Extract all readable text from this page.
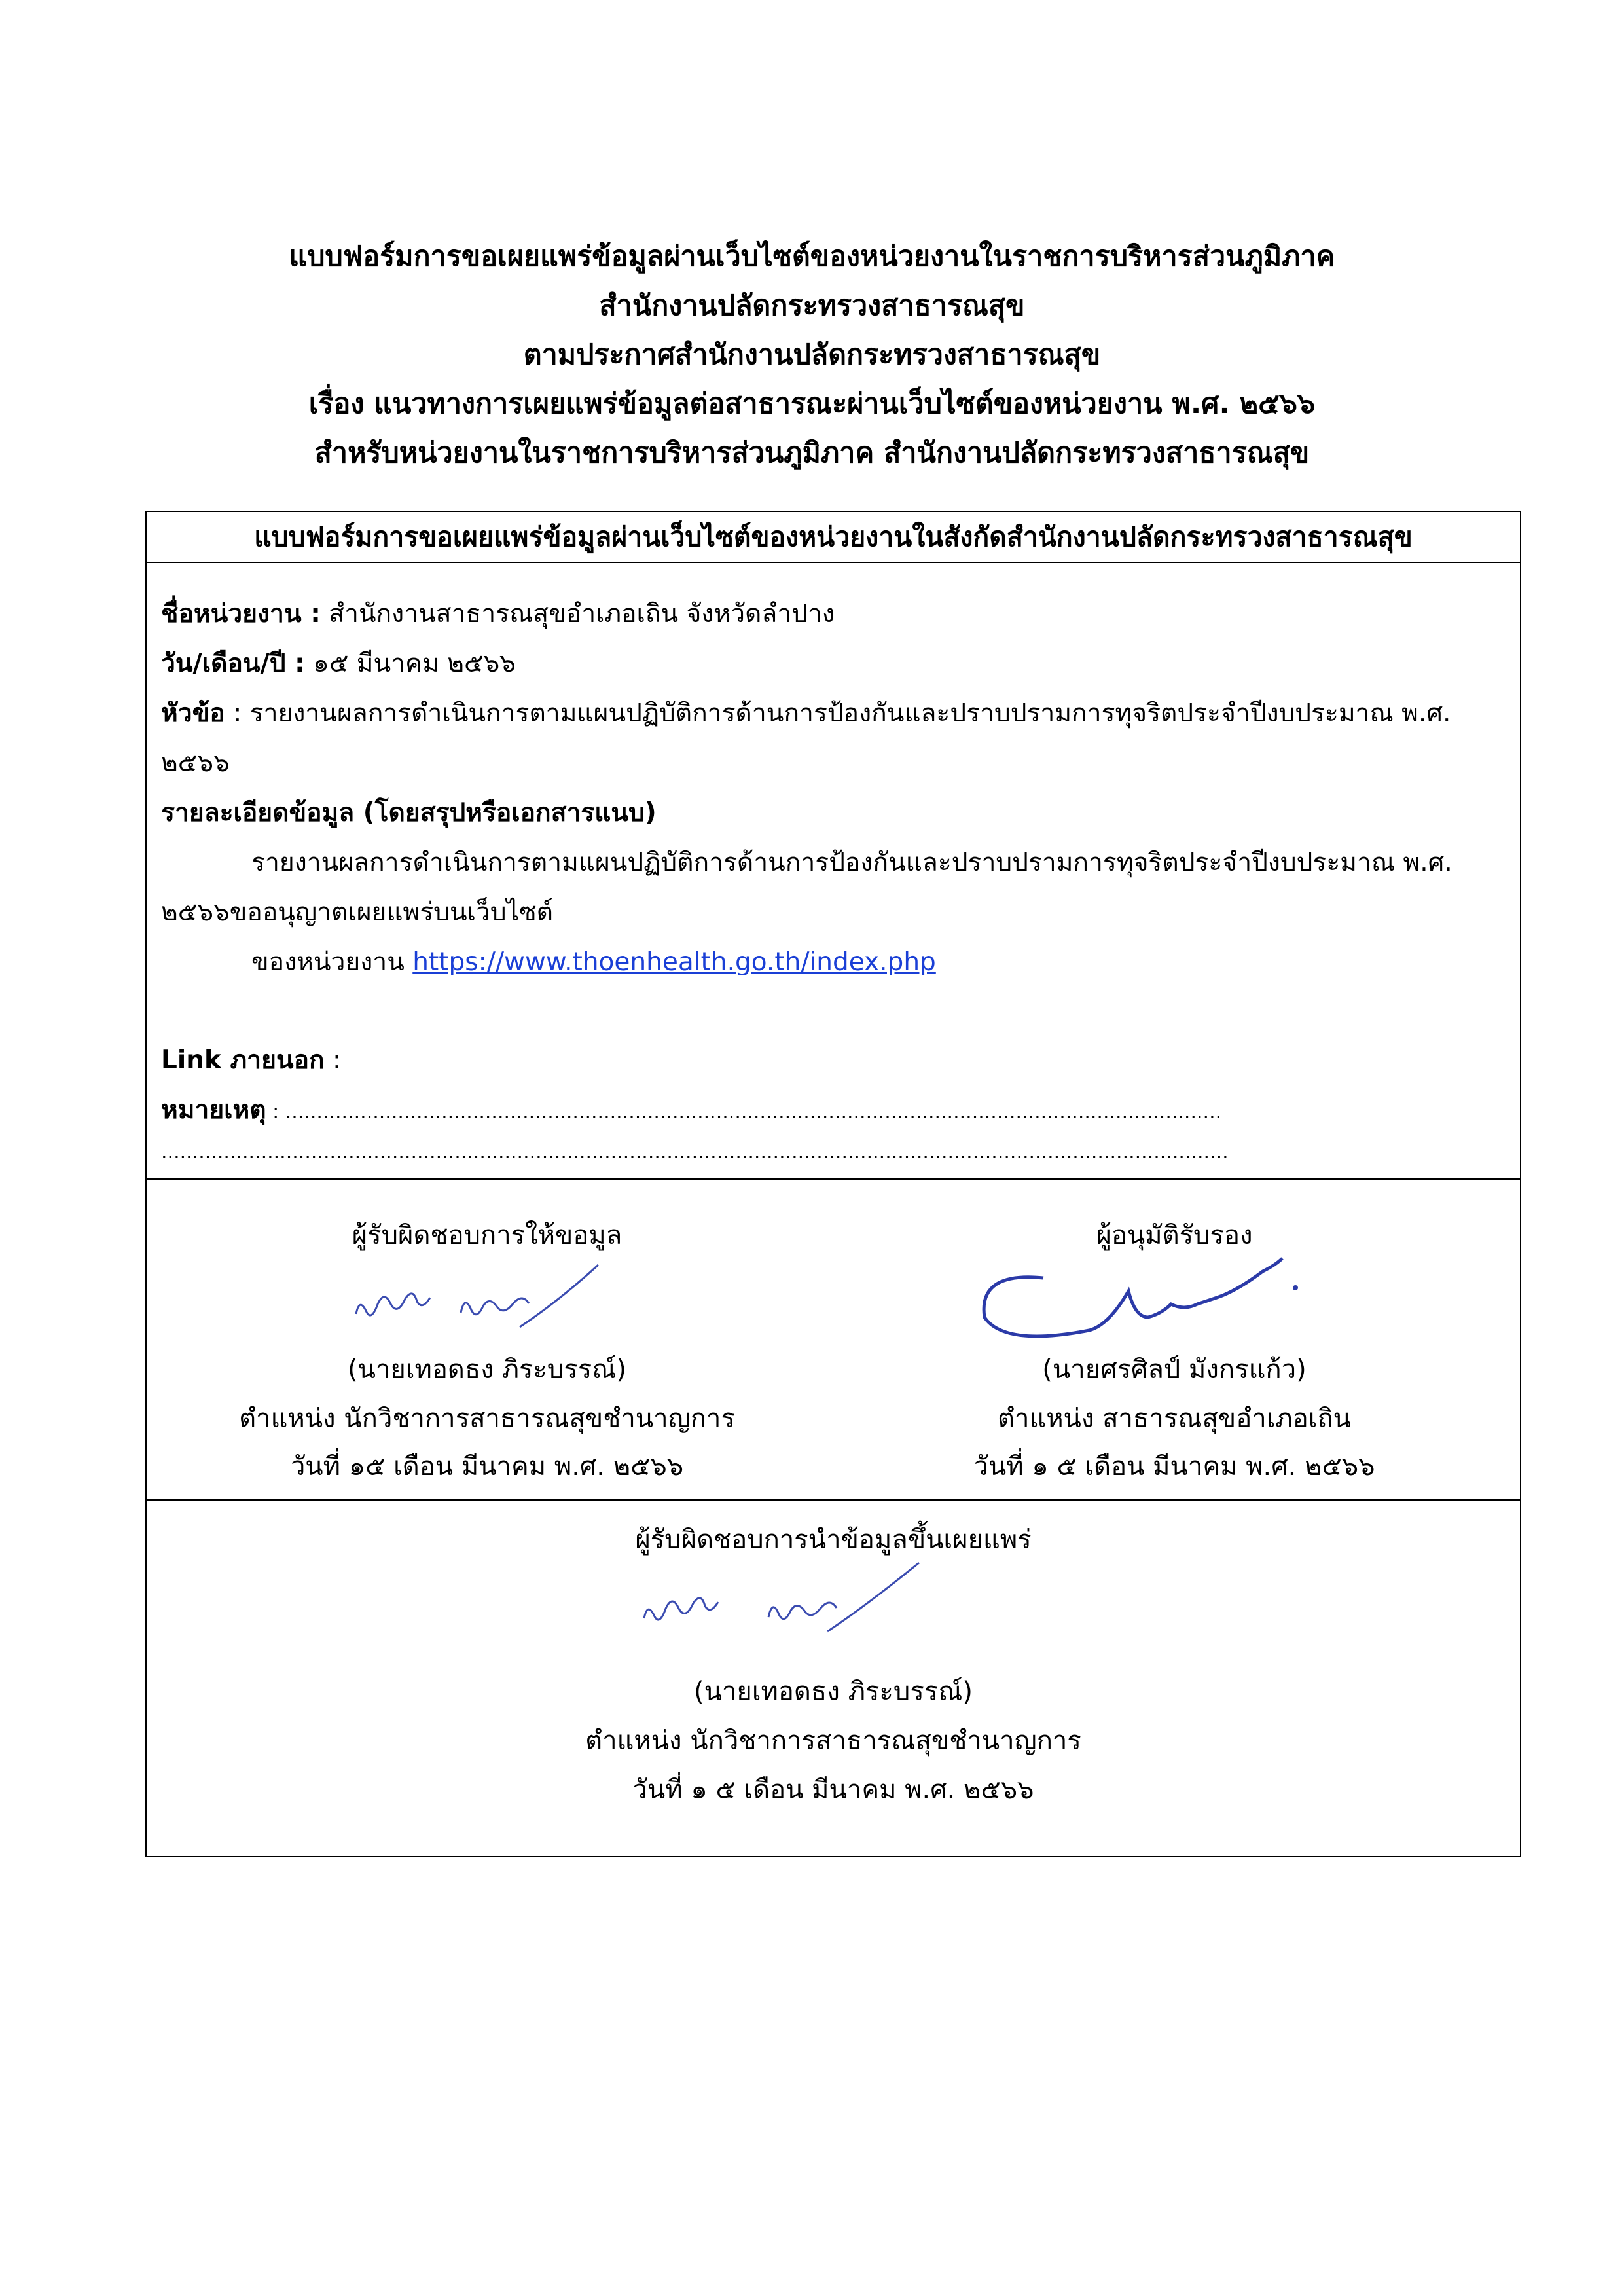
แบบฟอร์มการขอเผยแพร่ข้อมูลผ่านเว็บไซต์ของหน่วยงานในราชการบริหารส่วนภูมิภาค
สำนักงานปลัดกระทรวงสาธารณสุข
ตามประกาศสำนักงานปลัดกระทรวงสาธารณสุข
เรื่อง แนวทางการเผยแพร่ข้อมูลต่อสาธารณะผ่านเว็บไซต์ของหน่วยงาน พ.ศ. ๒๕๖๖
สำหรับหน่วยงานในราชการบริหารส่วนภูมิภาค สำนักงานปลัดกระทรวงสาธารณสุข
แบบฟอร์มการขอเผยแพร่ข้อมูลผ่านเว็บไซต์ของหน่วยงานในสังกัดสำนักงานปลัดกระทรวงสาธารณสุข
ชื่อหน่วยงาน : สำนักงานสาธารณสุขอำเภอเถิน จังหวัดลำปาง
วัน/เดือน/ปี : ๑๕ มีนาคม ๒๕๖๖
หัวข้อ : รายงานผลการดำเนินการตามแผนปฏิบัติการด้านการป้องกันและปราบปรามการทุจริตประจำปีงบประมาณ พ.ศ.
๒๕๖๖
รายละเอียดข้อมูล (โดยสรุปหรือเอกสารแนบ)
รายงานผลการดำเนินการตามแผนปฏิบัติการด้านการป้องกันและปราบปรามการทุจริตประจำปีงบประมาณ พ.ศ.
๒๕๖๖ขออนุญาตเผยแพร่บนเว็บไซต์
ของหน่วยงาน https://www.thoenhealth.go.th/index.php
Link ภายนอก :
หมายเหตุ : ......................................................................................................................................................
...........................................................................................................................................................................
ผู้รับผิดชอบการให้ขอมูล
(นายเทอดธง ภิระบรรณ์)
ตำแหน่ง นักวิชาการสาธารณสุขชำนาญการ
วันที่ ๑๕ เดือน มีนาคม พ.ศ. ๒๕๖๖
ผู้อนุมัติรับรอง
(นายศรศิลป์ มังกรแก้ว)
ตำแหน่ง สาธารณสุขอำเภอเถิน
วันที่ ๑ ๕ เดือน มีนาคม พ.ศ. ๒๕๖๖
ผู้รับผิดชอบการนำข้อมูลขึ้นเผยแพร่
(นายเทอดธง ภิระบรรณ์)
ตำแหน่ง นักวิชาการสาธารณสุขชำนาญการ
วันที่ ๑ ๕ เดือน มีนาคม พ.ศ. ๒๕๖๖
